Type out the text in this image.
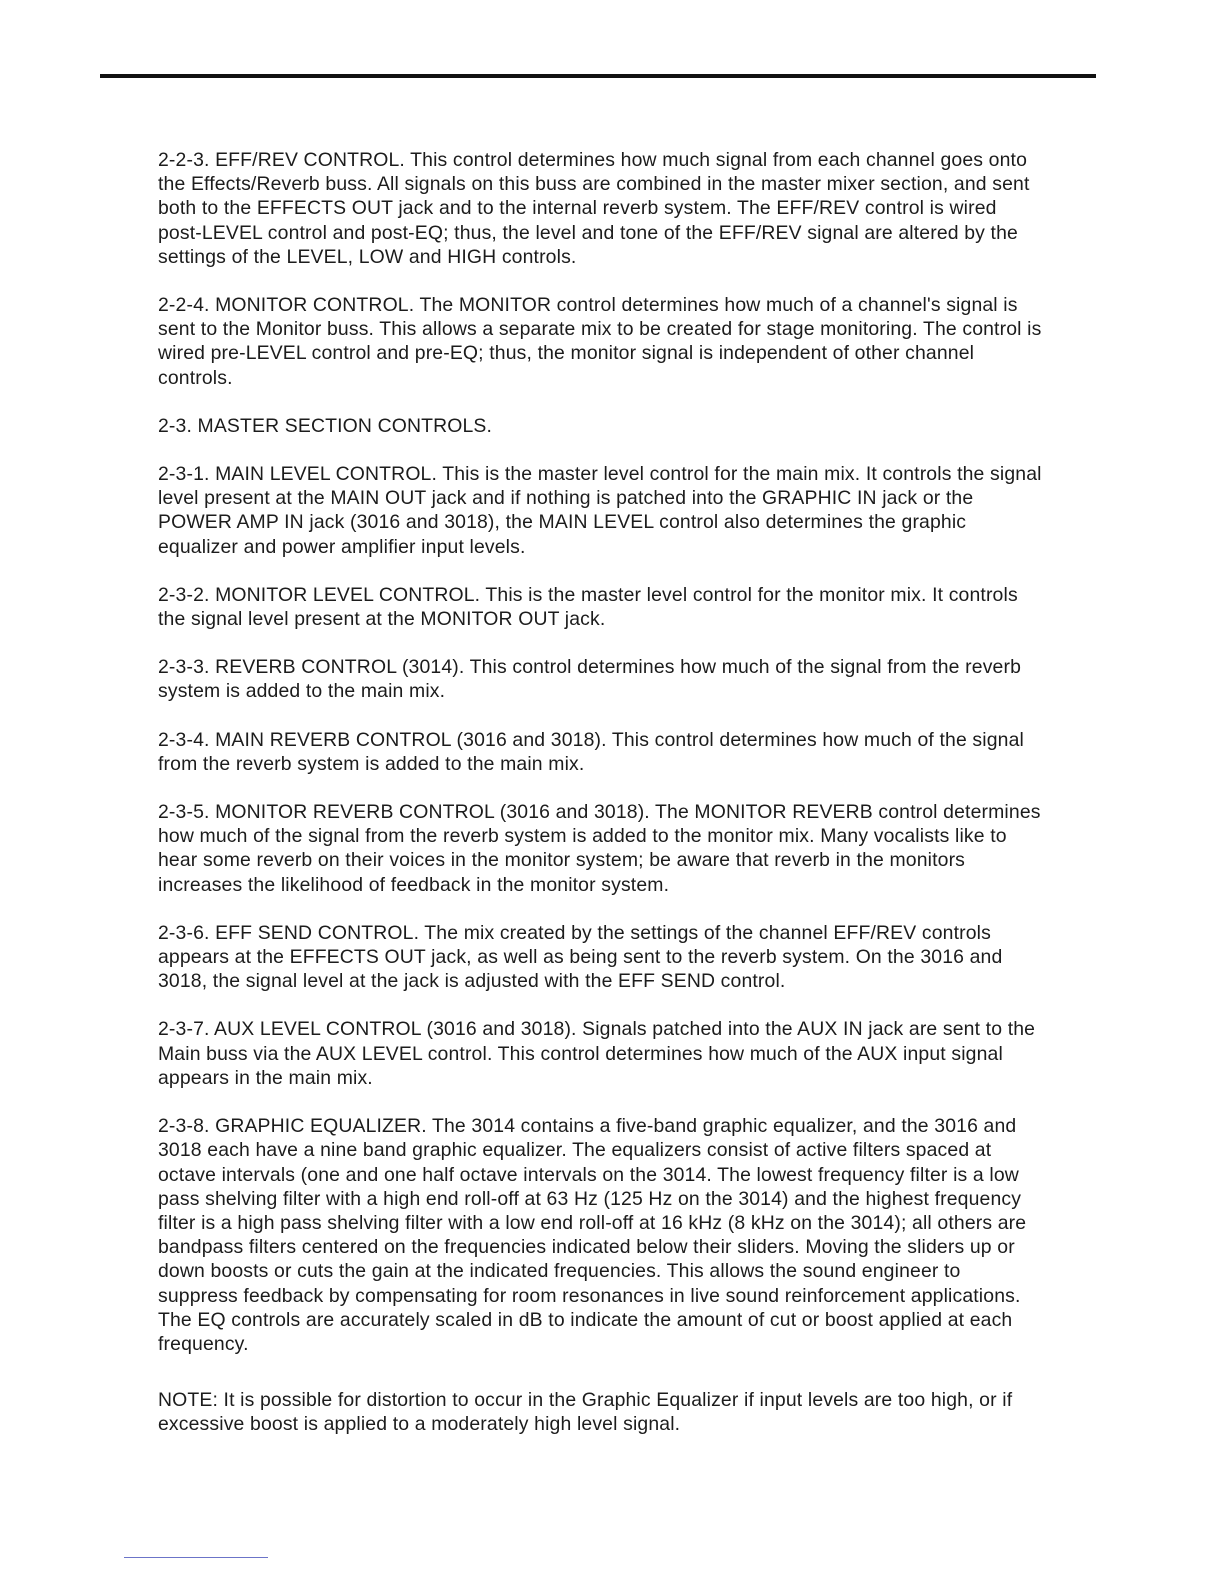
2-2-3. EFF/REV CONTROL. This control determines how much signal from each channel goes onto the Effects/Reverb buss. All signals on this buss are combined in the master mixer section, and sent both to the EFFECTS OUT jack and to the internal reverb system. The EFF/REV control is wired post-LEVEL control and post-EQ; thus, the level and tone of the EFF/REV signal are altered by the settings of the LEVEL, LOW and HIGH controls.

2-2-4. MONITOR CONTROL. The MONITOR control determines how much of a channel's signal is sent to the Monitor buss. This allows a separate mix to be created for stage monitoring. The control is wired pre-LEVEL control and pre-EQ; thus, the monitor signal is independent of other channel controls.

2-3. MASTER SECTION CONTROLS.

2-3-1. MAIN LEVEL CONTROL. This is the master level control for the main mix. It controls the signal level present at the MAIN OUT jack and if nothing is patched into the GRAPHIC IN jack or the POWER AMP IN jack (3016 and 3018), the MAIN LEVEL control also determines the graphic equalizer and power amplifier input levels.

2-3-2. MONITOR LEVEL CONTROL. This is the master level control for the monitor mix. It controls the signal level present at the MONITOR OUT jack.

2-3-3. REVERB CONTROL (3014). This control determines how much of the signal from the reverb system is added to the main mix.

2-3-4. MAIN REVERB CONTROL (3016 and 3018). This control determines how much of the signal from the reverb system is added to the main mix.

2-3-5. MONITOR REVERB CONTROL (3016 and 3018). The MONITOR REVERB control determines how much of the signal from the reverb system is added to the monitor mix. Many vocalists like to hear some reverb on their voices in the monitor system; be aware that reverb in the monitors increases the likelihood of feedback in the monitor system.

2-3-6. EFF SEND CONTROL. The mix created by the settings of the channel EFF/REV controls appears at the EFFECTS OUT jack, as well as being sent to the reverb system. On the 3016 and 3018, the signal level at the jack is adjusted with the EFF SEND control.

2-3-7. AUX LEVEL CONTROL (3016 and 3018). Signals patched into the AUX IN jack are sent to the Main buss via the AUX LEVEL control. This control determines how much of the AUX input signal appears in the main mix.

2-3-8. GRAPHIC EQUALIZER. The 3014 contains a five-band graphic equalizer, and the 3016 and 3018 each have a nine band graphic equalizer. The equalizers consist of active filters spaced at octave intervals (one and one half octave intervals on the 3014. The lowest frequency filter is a low pass shelving filter with a high end roll-off at 63 Hz (125 Hz on the 3014) and the highest frequency filter is a high pass shelving filter with a low end roll-off at 16 kHz (8 kHz on the 3014); all others are bandpass filters centered on the frequencies indicated below their sliders. Moving the sliders up or down boosts or cuts the gain at the indicated frequencies. This allows the sound engineer to suppress feedback by compensating for room resonances in live sound reinforcement applications. The EQ controls are accurately scaled in dB to indicate the amount of cut or boost applied at each frequency.

NOTE: It is possible for distortion to occur in the Graphic Equalizer if input levels are too high, or if excessive boost is applied to a moderately high level signal.
